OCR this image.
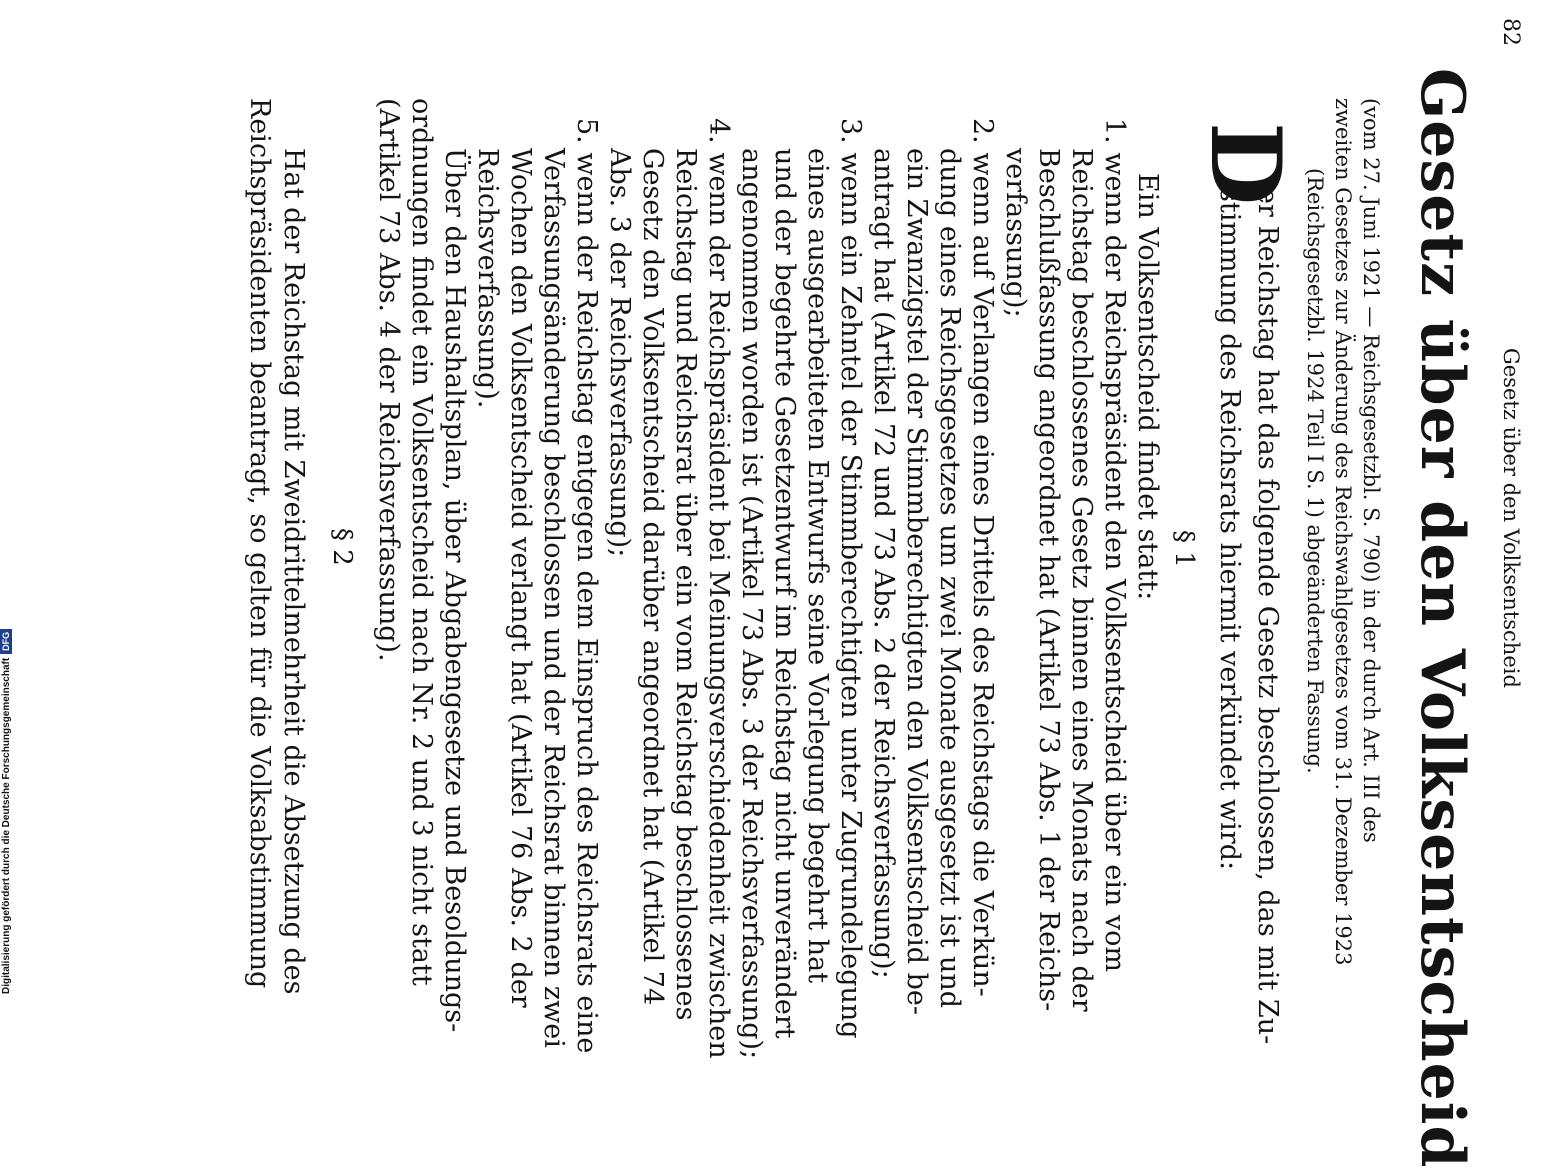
82
Gesetz über den Volksentscheid
Gesetz über den Volksentscheid
(vom 27. Juni 1921 — Reichsgesetzbl. S. 790) in der durch Art. III des
zweiten Gesetzes zur Änderung des Reichswahlgesetzes vom 31. Dezember 1923
(Reichsgesetzbl. 1924 Teil I S. 1) abgeänderten Fassung.
D
er Reichstag hat das folgende Gesetz beschlossen, das mit Zu-
stimmung des Reichsrats hiermit verkündet wird:
§ 1
Ein Volksentscheid findet statt:
1. wenn der Reichspräsident den Volksentscheid über ein vom
Reichstag beschlossenes Gesetz binnen eines Monats nach der
Beschlußfassung angeordnet hat (Artikel 73 Abs. 1 der Reichs-
verfassung);
2. wenn auf Verlangen eines Drittels des Reichstags die Verkün-
dung eines Reichsgesetzes um zwei Monate ausgesetzt ist und
ein Zwanzigstel der Stimmberechtigten den Volksentscheid be-
antragt hat (Artikel 72 und 73 Abs. 2 der Reichsverfassung);
3. wenn ein Zehntel der Stimmberechtigten unter Zugrundelegung
eines ausgearbeiteten Entwurfs seine Vorlegung begehrt hat
und der begehrte Gesetzentwurf im Reichstag nicht unverändert
angenommen worden ist (Artikel 73 Abs. 3 der Reichsverfassung);
4. wenn der Reichspräsident bei Meinungsverschiedenheit zwischen
Reichstag und Reichsrat über ein vom Reichstag beschlossenes
Gesetz den Volksentscheid darüber angeordnet hat (Artikel 74
Abs. 3 der Reichsverfassung);
5. wenn der Reichstag entgegen dem Einspruch des Reichsrats eine
Verfassungsänderung beschlossen und der Reichsrat binnen zwei
Wochen den Volksentscheid verlangt hat (Artikel 76 Abs. 2 der
Reichsverfassung).
Über den Haushaltsplan, über Abgabengesetze und Besoldungs-
ordnungen findet ein Volksentscheid nach Nr. 2 und 3 nicht statt
(Artikel 73 Abs. 4 der Reichsverfassung).
§ 2
Hat der Reichstag mit Zweidrittelmehrheit die Absetzung des
Reichspräsidenten beantragt, so gelten für die Volksabstimmung
Digitalisierung gefördert durch die Deutsche Forschungsgemeinschaft
DFG
